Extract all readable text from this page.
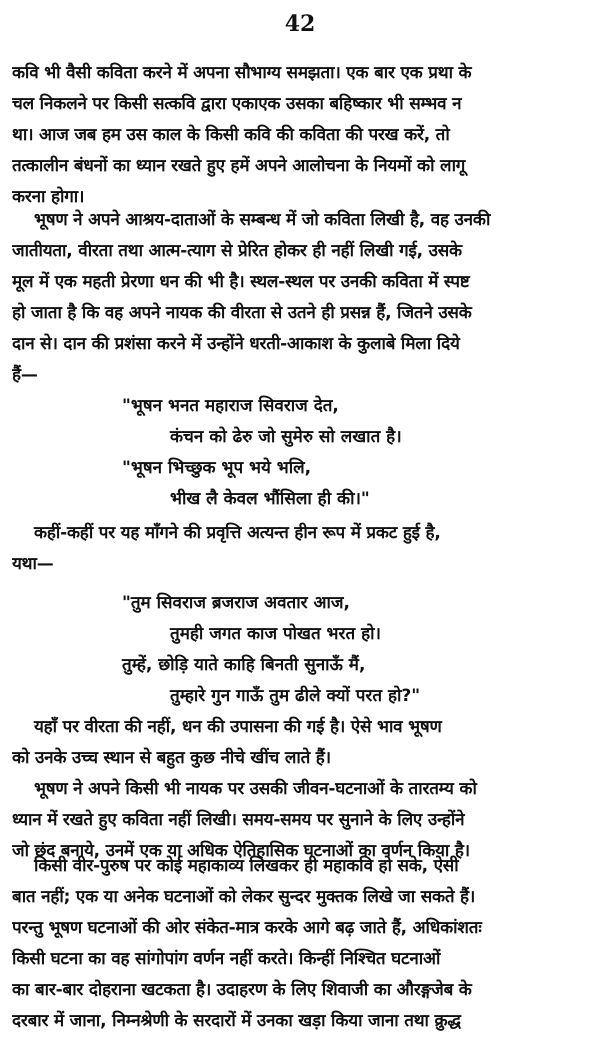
42
कवि भी वैसी कविता करने में अपना सौभाग्य समझता। एक बार एक प्रथा के
चल निकलने पर किसी सत्कवि द्वारा एकाएक उसका बहिष्कार भी सम्भव न
था। आज जब हम उस काल के किसी कवि की कविता की परख करें, तो
तत्कालीन बंधनों का ध्यान रखते हुए हमें अपने आलोचना के नियमों को लागू
करना होगा।
भूषण ने अपने आश्रय-दाताओं के सम्बन्ध में जो कविता लिखी है, वह उनकी
जातीयता, वीरता तथा आत्म-त्याग से प्रेरित होकर ही नहीं लिखी गई, उसके
मूल में एक महती प्रेरणा धन की भी है। स्थल-स्थल पर उनकी कविता में स्पष्ट
हो जाता है कि वह अपने नायक की वीरता से उतने ही प्रसन्न हैं, जितने उसके
दान से। दान की प्रशंसा करने में उन्होंने धरती-आकाश के कुलाबे मिला दिये
हैं—
"भूषन भनत महाराज सिवराज देत,
कंचन को ढेरु जो सुमेरु सो लखात है।
"भूषन भिच्छुक भूप भये भलि,
भीख लै केवल भौंसिला ही की।"
कहीं-कहीं पर यह माँगने की प्रवृत्ति अत्यन्त हीन रूप में प्रकट हुई है,
यथा—
"तुम सिवराज ब्रजराज अवतार आज,
तुमही जगत काज पोखत भरत हो।
तुम्हें, छोड़ि याते काहि बिनती सुनाऊँ मैं,
तुम्हारे गुन गाऊँ तुम ढीले क्यों परत हो?"
यहाँ पर वीरता की नहीं, धन की उपासना की गई है। ऐसे भाव भूषण
को उनके उच्च स्थान से बहुत कुछ नीचे खींच लाते हैं।
भूषण ने अपने किसी भी नायक पर उसकी जीवन-घटनाओं के तारतम्य को
ध्यान में रखते हुए कविता नहीं लिखी। समय-समय पर सुनाने के लिए उन्होंने
जो छंद बनाये, उनमें एक या अधिक ऐतिहासिक घटनाओं का वर्णन किया है।
किसी वीर-पुरुष पर कोई महाकाव्य लिखकर ही महाकवि हो सके, ऐसी
बात नहीं; एक या अनेक घटनाओं को लेकर सुन्दर मुक्तक लिखे जा सकते हैं।
परन्तु भूषण घटनाओं की ओर संकेत-मात्र करके आगे बढ़ जाते हैं, अधिकांशतः
किसी घटना का वह सांगोपांग वर्णन नहीं करते। किन्हीं निश्चित घटनाओं
का बार-बार दोहराना खटकता है। उदाहरण के लिए शिवाजी का औरङ्गजेब के
दरबार में जाना, निम्नश्रेणी के सरदारों में उनका खड़ा किया जाना तथा क्रुद्ध
